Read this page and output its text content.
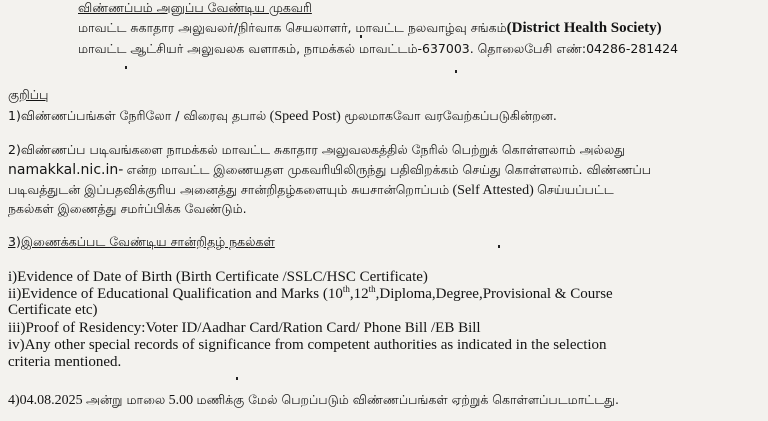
விண்ணப்பம் அனுப்ப வேண்டிய முகவரி
மாவட்ட சுகாதார அலுவலர்/நிர்வாக செயலாளர், மாவட்ட நலவாழ்வு சங்கம்(District Health Society)
மாவட்ட ஆட்சியர் அலுவலக வளாகம், நாமக்கல் மாவட்டம்-637003. தொலைபேசி எண்:04286-281424
குறிப்பு
1)விண்ணப்பங்கள் நேரிலோ / விரைவு தபால் (Speed Post) மூலமாகவோ வரவேற்கப்படுகின்றன.
2)விண்ணப்ப படிவங்களை நாமக்கல் மாவட்ட சுகாதார அலுவலகத்தில் நேரில் பெற்றுக் கொள்ளலாம் அல்லது
namakkal.nic.in- என்ற மாவட்ட இணையதள முகவரியிலிருந்து பதிவிறக்கம் செய்து கொள்ளலாம். விண்ணப்ப
படிவத்துடன் இப்பதவிக்குரிய அனைத்து சான்றிதழ்களையும் சுயசான்றொப்பம் (Self Attested) செய்யப்பட்ட
நகல்கள் இணைத்து சமர்ப்பிக்க வேண்டும்.
3)இணைக்கப்பட வேண்டிய சான்றிதழ் நகல்கள்
i)Evidence of Date of Birth (Birth Certificate /SSLC/HSC Certificate)
ii)Evidence of Educational Qualification and Marks (10th,12th,Diploma,Degree,Provisional & Course
Certificate etc)
iii)Proof of Residency:Voter ID/Aadhar Card/Ration Card/ Phone Bill /EB Bill
iv)Any other special records of significance from competent authorities as indicated in the selection
criteria mentioned.
4)04.08.2025 அன்று மாலை 5.00 மணிக்கு மேல் பெறப்படும் விண்ணப்பங்கள் ஏற்றுக் கொள்ளப்படமாட்டது.
